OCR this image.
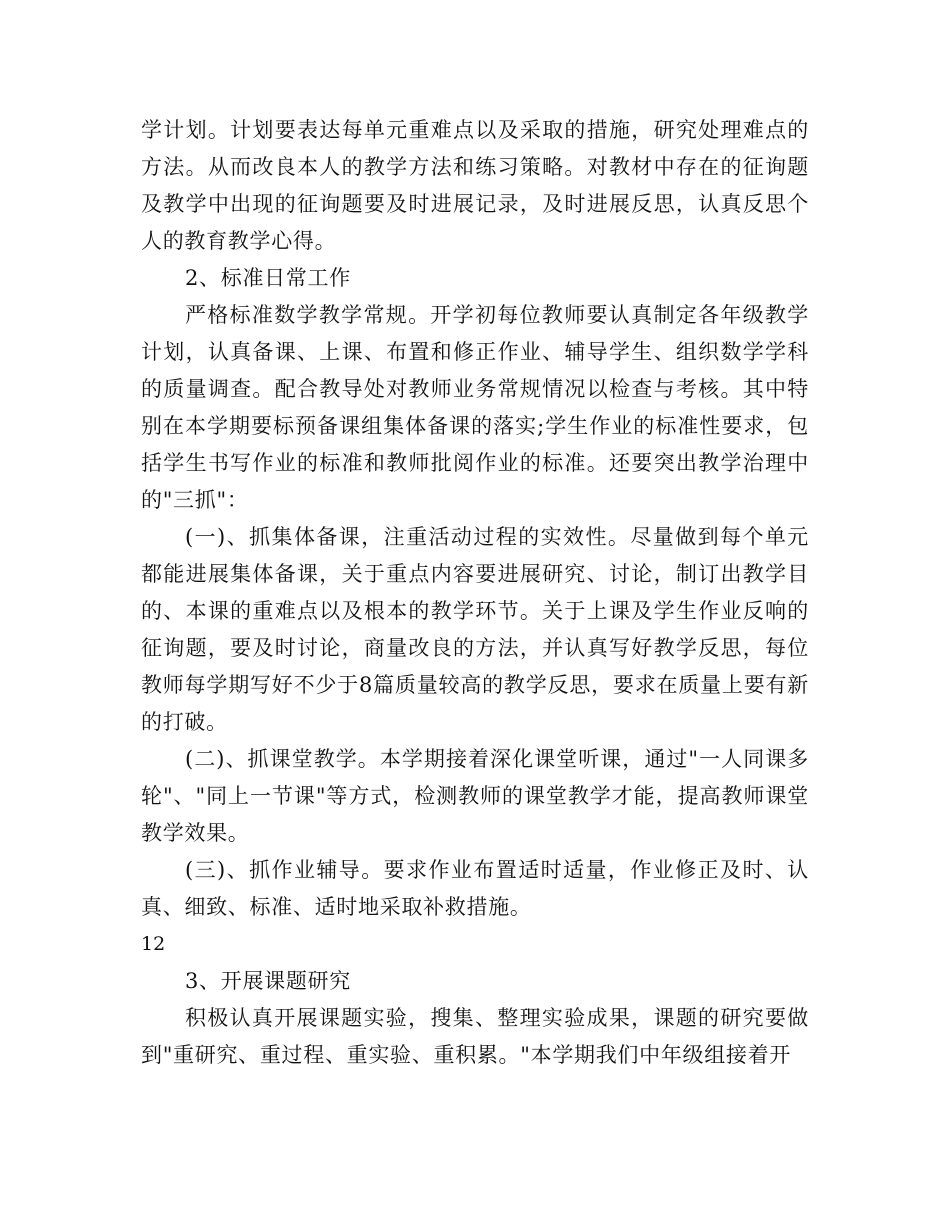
学计划。计划要表达每单元重难点以及采取的措施，研究处理难点的方法。从而改良本人的教学方法和练习策略。对教材中存在的征询题及教学中出现的征询题要及时进展记录，及时进展反思，认真反思个人的教育教学心得。

2、标准日常工作

严格标准数学教学常规。开学初每位教师要认真制定各年级教学计划，认真备课、上课、布置和修正作业、辅导学生、组织数学学科的质量调查。配合教导处对教师业务常规情况以检查与考核。其中特别在本学期要标预备课组集体备课的落实;学生作业的标准性要求，包括学生书写作业的标准和教师批阅作业的标准。还要突出教学治理中的"三抓"：

(一)、抓集体备课，注重活动过程的实效性。尽量做到每个单元都能进展集体备课，关于重点内容要进展研究、讨论，制订出教学目的、本课的重难点以及根本的教学环节。关于上课及学生作业反响的征询题，要及时讨论，商量改良的方法，并认真写好教学反思，每位教师每学期写好不少于8篇质量较高的教学反思，要求在质量上要有新的打破。

(二)、抓课堂教学。本学期接着深化课堂听课，通过"一人同课多轮"、"同上一节课"等方式，检测教师的课堂教学才能，提高教师课堂教学效果。

(三)、抓作业辅导。要求作业布置适时适量，作业修正及时、认真、细致、标准、适时地采取补救措施。

12

3、开展课题研究

积极认真开展课题实验，搜集、整理实验成果，课题的研究要做到"重研究、重过程、重实验、重积累。"本学期我们中年级组接着开
